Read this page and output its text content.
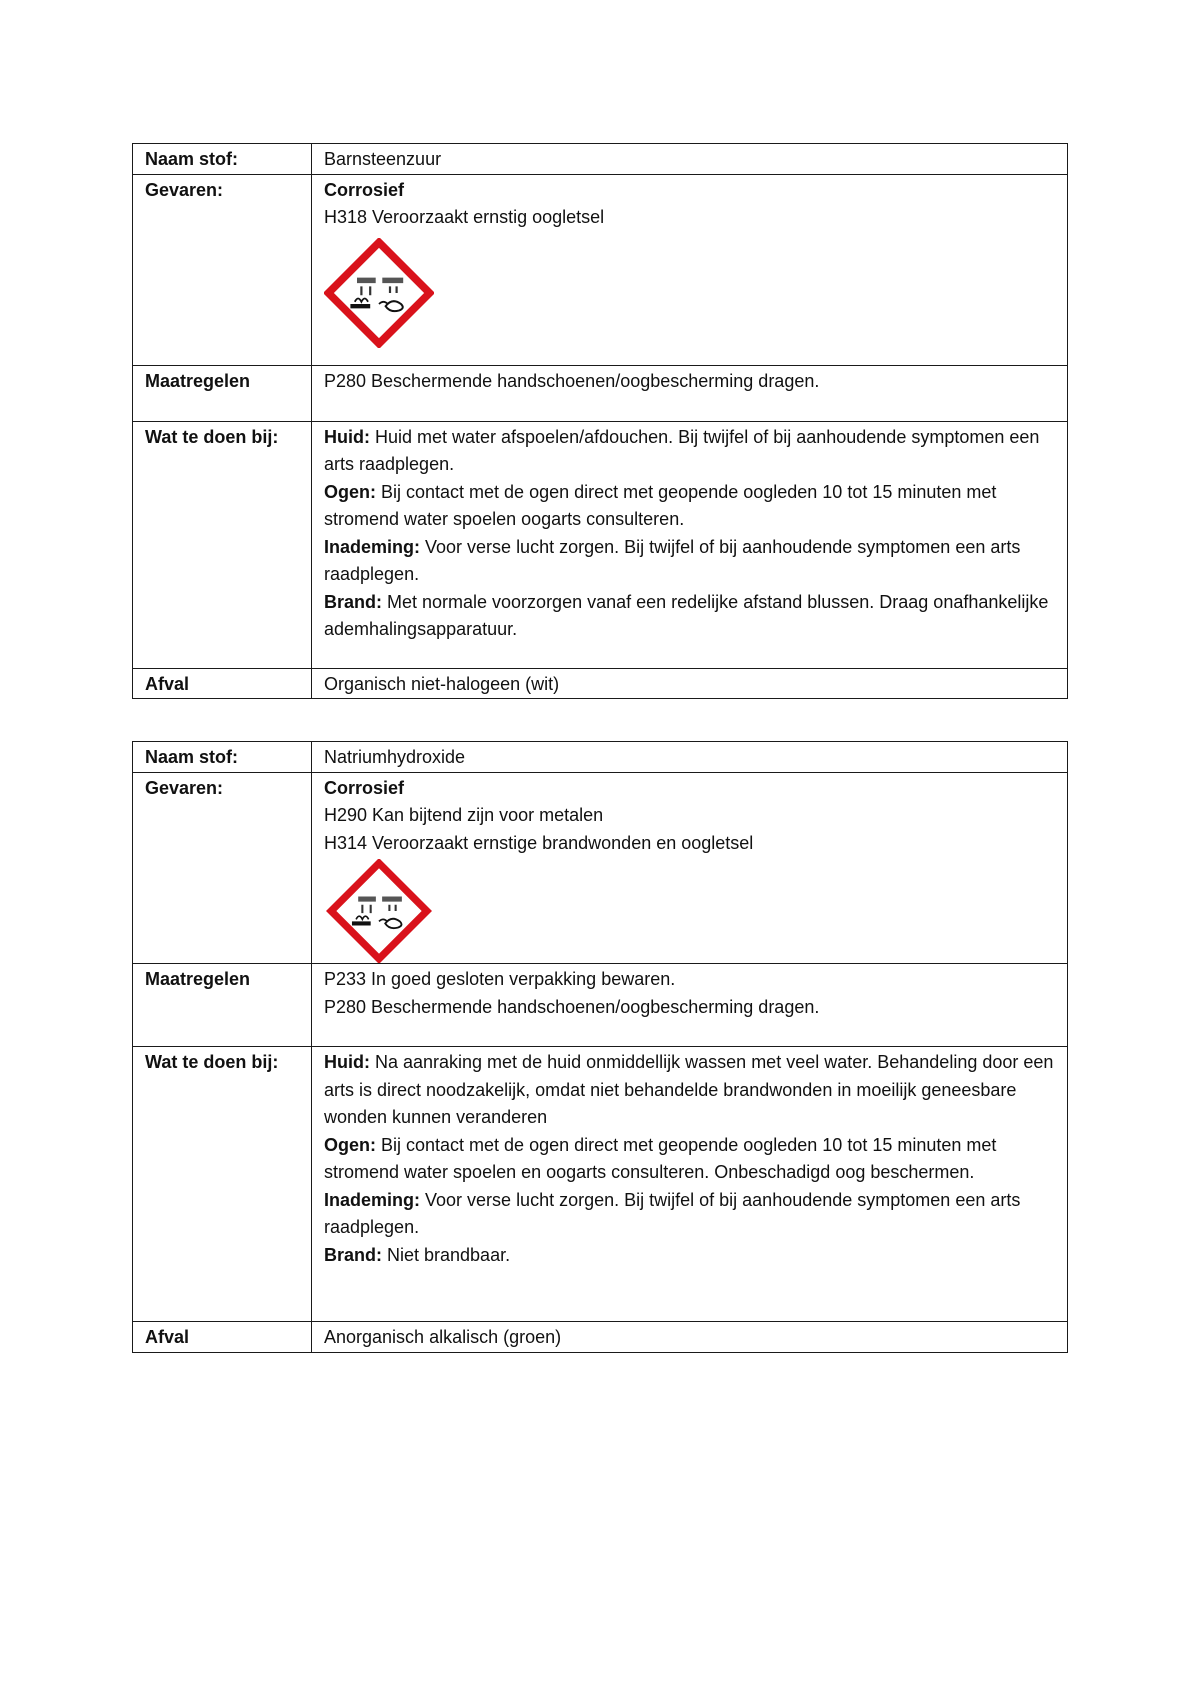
Naam stof:	Barnsteenzuur
Gevaren:	Corrosief
H318 Veroorzaakt ernstig oogletsel

Maatregelen	P280 Beschermende handschoenen/oogbescherming dragen.

Wat te doen bij:	Huid: Huid met water afspoelen/afdouchen. Bij twijfel of bij aanhoudende symptomen een arts raadplegen.
Ogen: Bij contact met de ogen direct met geopende oogleden 10 tot 15 minuten met stromend water spoelen oogarts consulteren.
Inademing: Voor verse lucht zorgen. Bij twijfel of bij aanhoudende symptomen een arts raadplegen.
Brand: Met normale voorzorgen vanaf een redelijke afstand blussen. Draag onafhankelijke ademhalingsapparatuur.

Afval	Organisch niet-halogeen (wit)
Naam stof:	Natriumhydroxide
Gevaren:	Corrosief
H290 Kan bijtend zijn voor metalen
H314 Veroorzaakt ernstige brandwonden en oogletsel

Maatregelen	P233 In goed gesloten verpakking bewaren.
P280 Beschermende handschoenen/oogbescherming dragen.

Wat te doen bij:	Huid: Na aanraking met de huid onmiddellijk wassen met veel water. Behandeling door een arts is direct noodzakelijk, omdat niet behandelde brandwonden in moeilijk geneesbare wonden kunnen veranderen
Ogen: Bij contact met de ogen direct met geopende oogleden 10 tot 15 minuten met stromend water spoelen en oogarts consulteren. Onbeschadigd oog beschermen.
Inademing: Voor verse lucht zorgen. Bij twijfel of bij aanhoudende symptomen een arts raadplegen.
Brand: Niet brandbaar.

Afval	Anorganisch alkalisch (groen)
